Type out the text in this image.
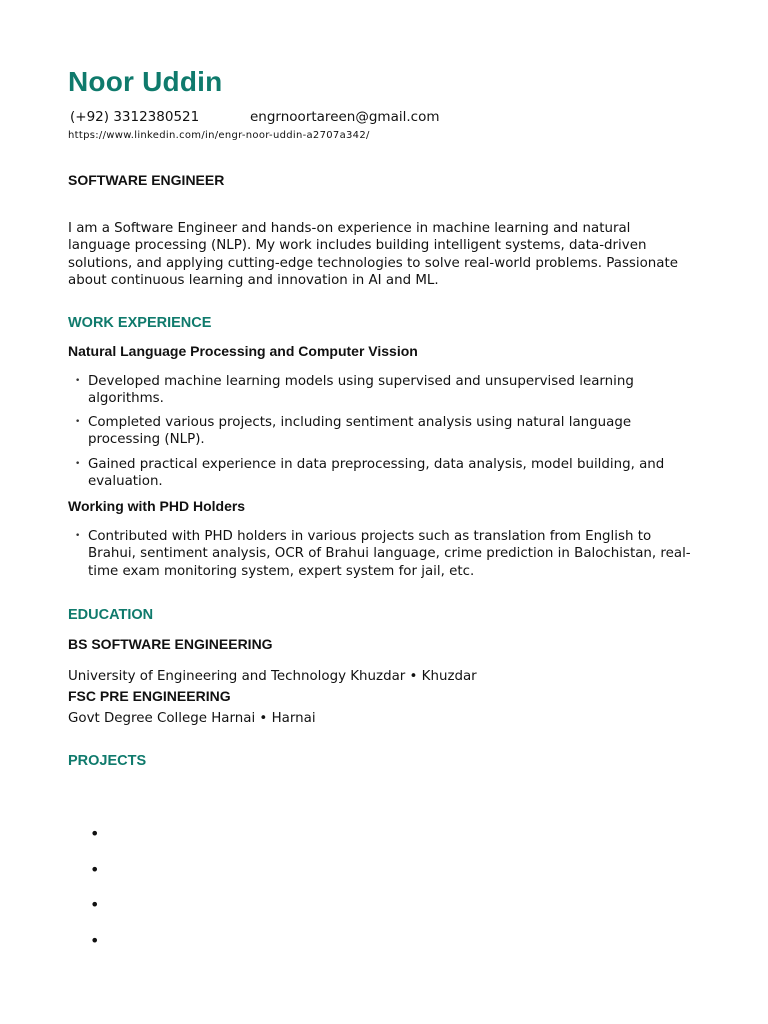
Noor Uddin
(+92) 3312380521	engrnoortareen@gmail.com
https://www.linkedin.com/in/engr-noor-uddin-a2707a342/
SOFTWARE ENGINEER

I am a Software Engineer and hands-on experience in machine learning and natural
language processing (NLP). My work includes building intelligent systems, data-driven
solutions, and applying cutting-edge technologies to solve real-world problems. Passionate
about continuous learning and innovation in AI and ML.

WORK EXPERIENCE
Natural Language Processing and Computer Vission
• Developed machine learning models using supervised and unsupervised learning
algorithms.
• Completed various projects, including sentiment analysis using natural language
processing (NLP).
• Gained practical experience in data preprocessing, data analysis, model building, and
evaluation.
Working with PHD Holders
• Contributed with PHD holders in various projects such as translation from English to
Brahui, sentiment analysis, OCR of Brahui language, crime prediction in Balochistan, real-
time exam monitoring system, expert system for jail, etc.
EDUCATION
BS SOFTWARE ENGINEERING

University of Engineering and Technology Khuzdar • Khuzdar

FSC PRE ENGINEERING

Govt Degree College Harnai • Harnai

PROJECTS
•
•
•
•
